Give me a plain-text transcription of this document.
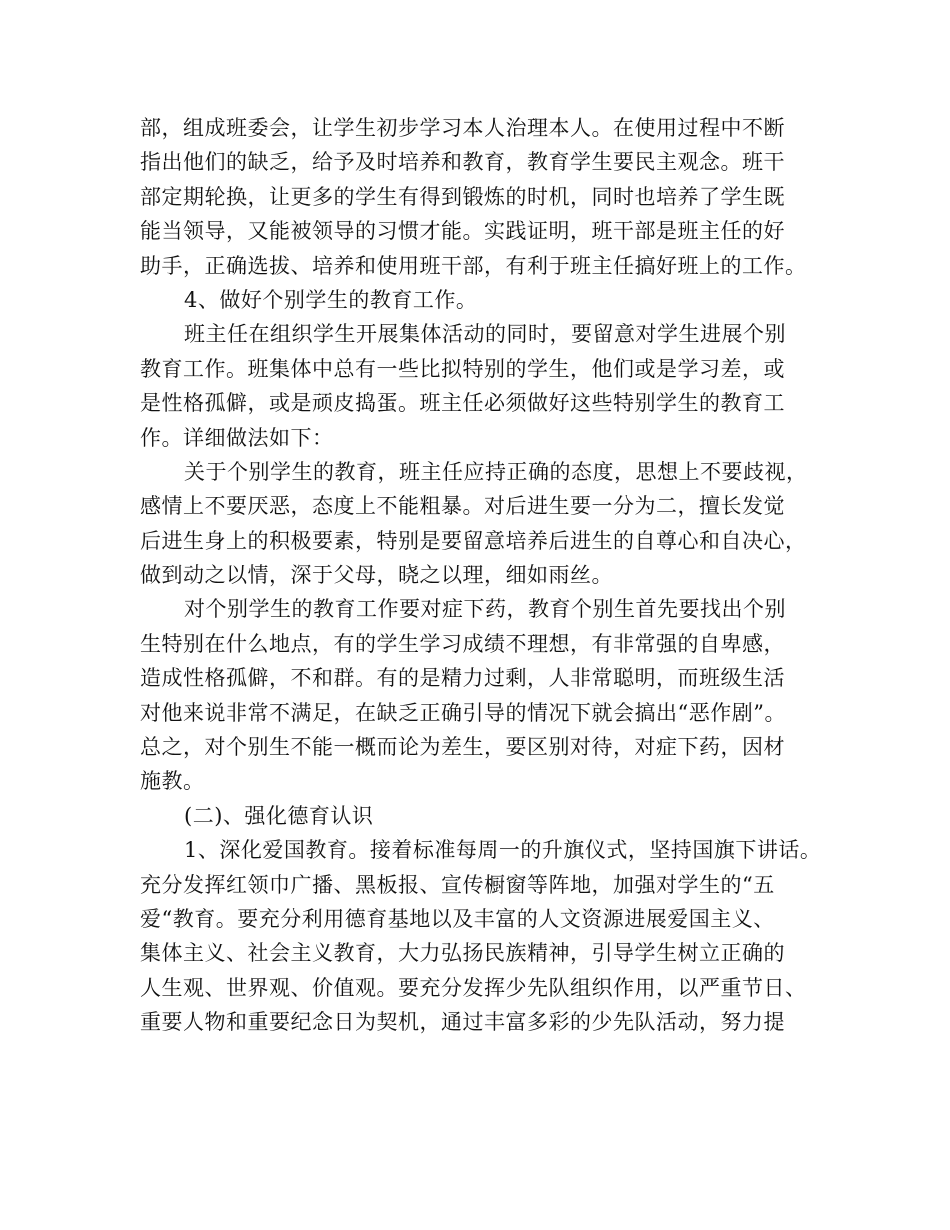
部，组成班委会，让学生初步学习本人治理本人。在使用过程中不断
指出他们的缺乏，给予及时培养和教育，教育学生要民主观念。班干
部定期轮换，让更多的学生有得到锻炼的时机，同时也培养了学生既
能当领导，又能被领导的习惯才能。实践证明，班干部是班主任的好
助手，正确选拔、培养和使用班干部，有利于班主任搞好班上的工作。
4、做好个别学生的教育工作。
班主任在组织学生开展集体活动的同时，要留意对学生进展个别
教育工作。班集体中总有一些比拟特别的学生，他们或是学习差，或
是性格孤僻，或是顽皮捣蛋。班主任必须做好这些特别学生的教育工
作。详细做法如下：
关于个别学生的教育，班主任应持正确的态度，思想上不要歧视，
感情上不要厌恶，态度上不能粗暴。对后进生要一分为二，擅长发觉
后进生身上的积极要素，特别是要留意培养后进生的自尊心和自决心，
做到动之以情，深于父母，晓之以理，细如雨丝。
对个别学生的教育工作要对症下药，教育个别生首先要找出个别
生特别在什么地点，有的学生学习成绩不理想，有非常强的自卑感，
造成性格孤僻，不和群。有的是精力过剩，人非常聪明，而班级生活
对他来说非常不满足，在缺乏正确引导的情况下就会搞出“恶作剧”。
总之，对个别生不能一概而论为差生，要区别对待，对症下药，因材
施教。
(二)、强化德育认识
1、深化爱国教育。接着标准每周一的升旗仪式，坚持国旗下讲话。
充分发挥红领巾广播、黑板报、宣传橱窗等阵地，加强对学生的“五
爱“教育。要充分利用德育基地以及丰富的人文资源进展爱国主义、
集体主义、社会主义教育，大力弘扬民族精神，引导学生树立正确的
人生观、世界观、价值观。要充分发挥少先队组织作用，以严重节日、
重要人物和重要纪念日为契机，通过丰富多彩的少先队活动，努力提
